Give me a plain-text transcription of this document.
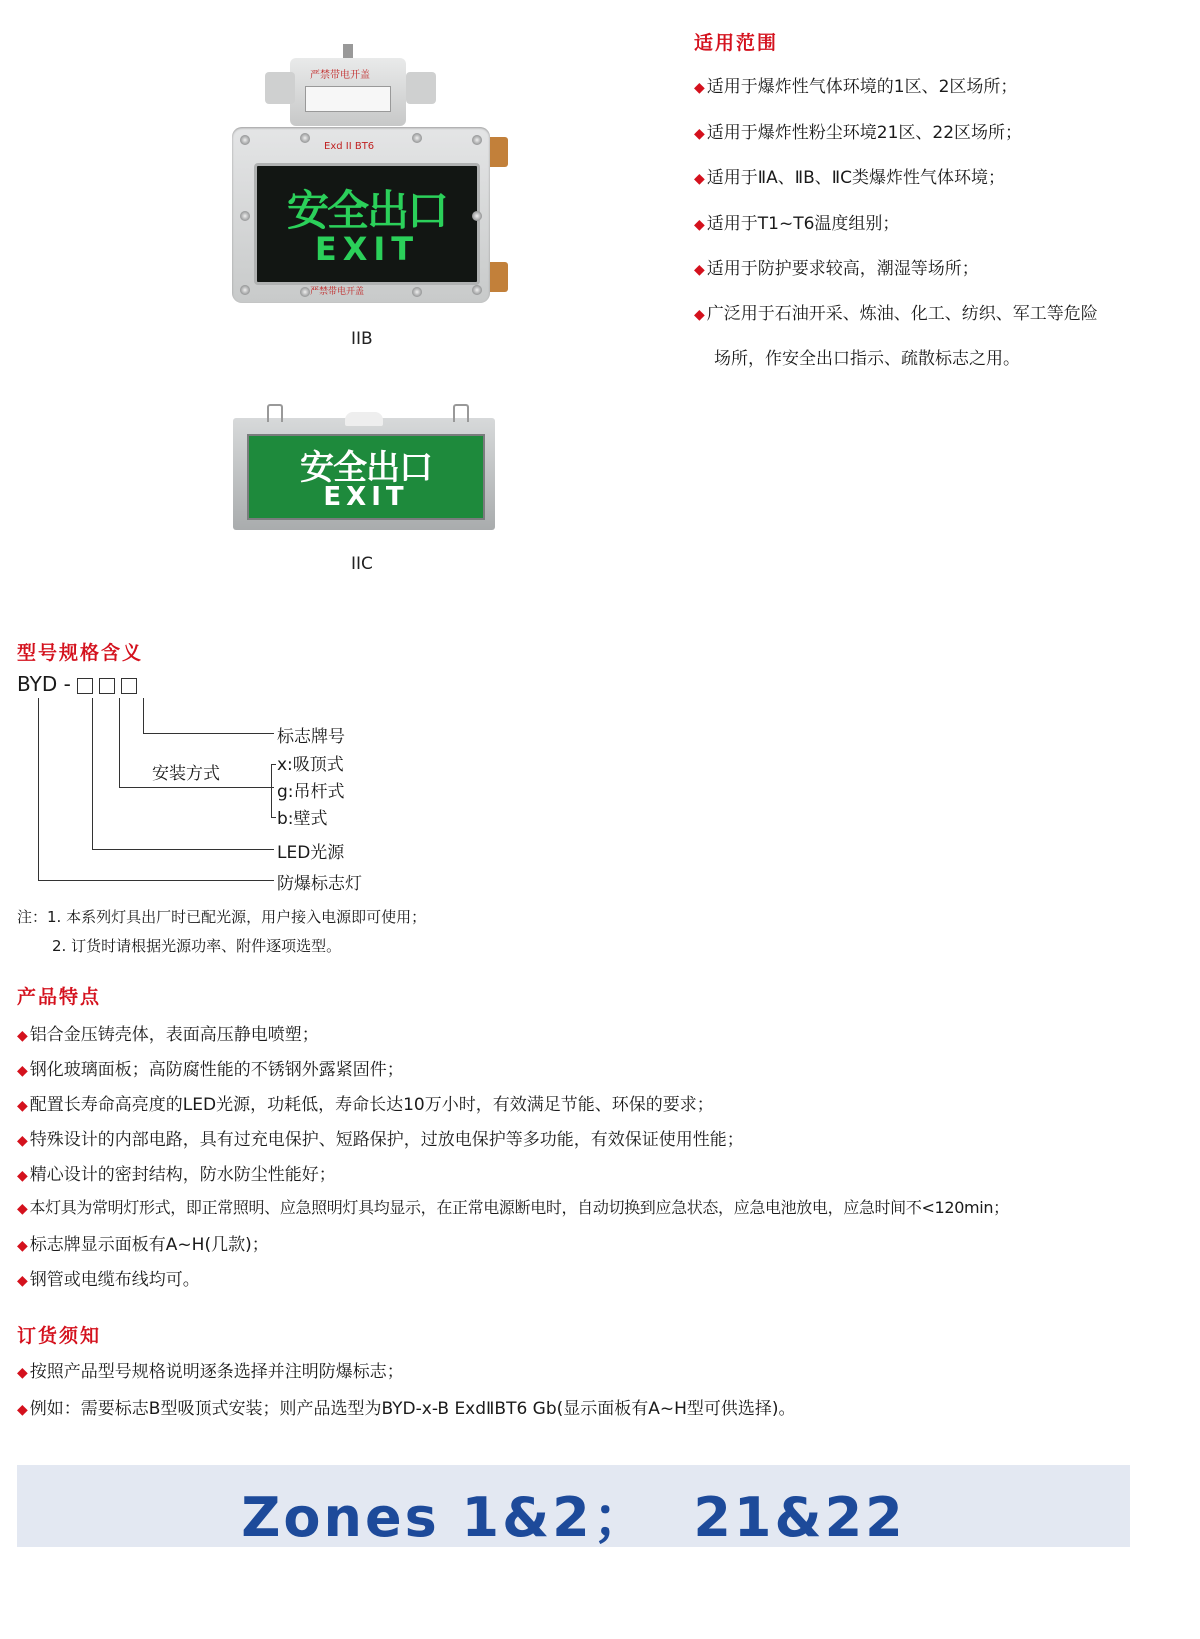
严禁带电开盖
Exd II BT6
安全出口
EXIT
严禁带电开盖
IIB
安全出口
EXIT
IIC
适用范围
◆ 适用于爆炸性气体环境的1区、2区场所；
◆ 适用于爆炸性粉尘环境21区、22区场所；
◆ 适用于ⅡA、ⅡB、ⅡC类爆炸性气体环境；
◆ 适用于T1~T6温度组别；
◆ 适用于防护要求较高，潮湿等场所；
◆ 广泛用于石油开采、炼油、化工、纺织、军工等危险
场所，作安全出口指示、疏散标志之用。
型号规格含义
BYD -
标志牌号
安装方式	x:吸顶式
g:吊杆式
b:壁式
LED光源
防爆标志灯
注：1. 本系列灯具出厂时已配光源，用户接入电源即可使用；
2. 订货时请根据光源功率、附件逐项选型。
产品特点
◆ 铝合金压铸壳体，表面高压静电喷塑；
◆ 钢化玻璃面板；高防腐性能的不锈钢外露紧固件；
◆ 配置长寿命高亮度的LED光源，功耗低，寿命长达10万小时，有效满足节能、环保的要求；
◆ 特殊设计的内部电路，具有过充电保护、短路保护，过放电保护等多功能，有效保证使用性能；
◆ 精心设计的密封结构，防水防尘性能好；
◆ 本灯具为常明灯形式，即正常照明、应急照明灯具均显示，在正常电源断电时，自动切换到应急状态，应急电池放电，应急时间不<120min；
◆ 标志牌显示面板有A~H(几款)；
◆ 钢管或电缆布线均可。
订货须知
◆ 按照产品型号规格说明逐条选择并注明防爆标志；
◆ 例如：需要标志B型吸顶式安装；则产品选型为BYD-x-B ExdⅡBT6 Gb(显示面板有A~H型可供选择)。
Zones 1&2；  21&22
